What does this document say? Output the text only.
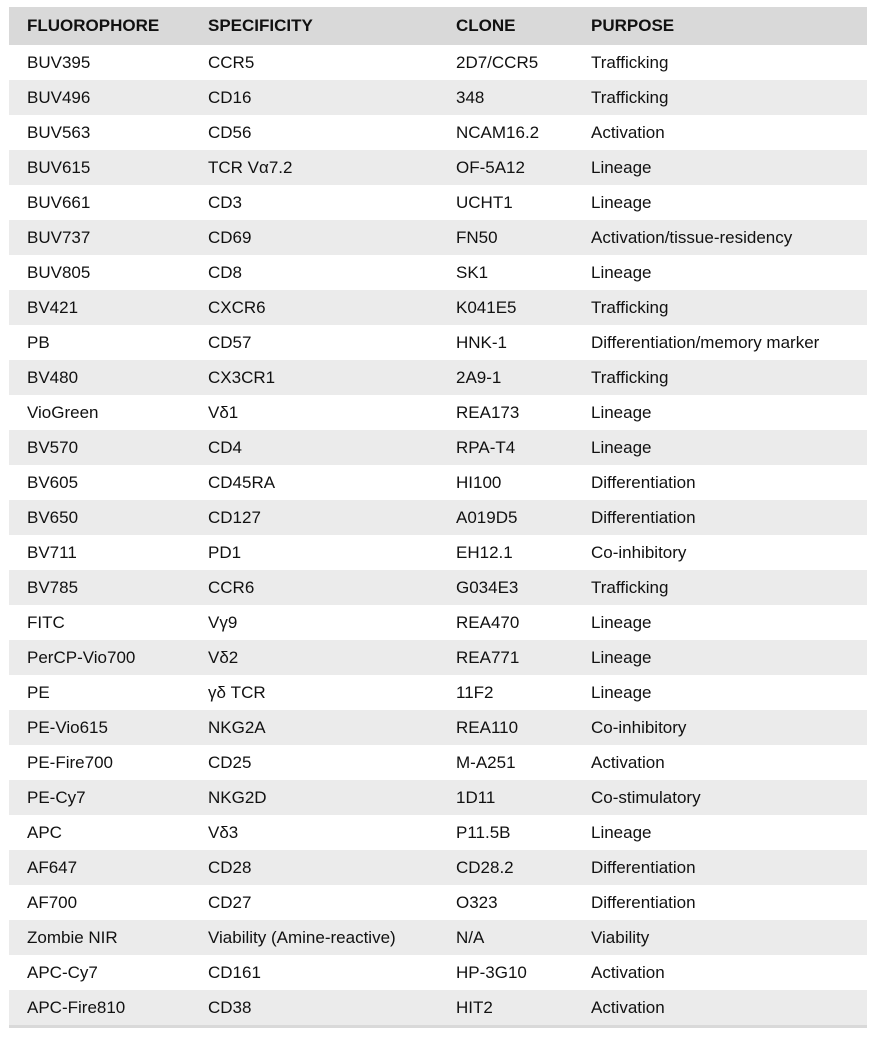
FLUOROPHORE	SPECIFICITY	CLONE	PURPOSE
BUV395	CCR5	2D7/CCR5	Trafficking
BUV496	CD16	348	Trafficking
BUV563	CD56	NCAM16.2	Activation
BUV615	TCR Vα7.2	OF-5A12	Lineage
BUV661	CD3	UCHT1	Lineage
BUV737	CD69	FN50	Activation/tissue-residency
BUV805	CD8	SK1	Lineage
BV421	CXCR6	K041E5	Trafficking
PB	CD57	HNK-1	Differentiation/memory marker
BV480	CX3CR1	2A9-1	Trafficking
VioGreen	Vδ1	REA173	Lineage
BV570	CD4	RPA-T4	Lineage
BV605	CD45RA	HI100	Differentiation
BV650	CD127	A019D5	Differentiation
BV711	PD1	EH12.1	Co-inhibitory
BV785	CCR6	G034E3	Trafficking
FITC	Vγ9	REA470	Lineage
PerCP-Vio700	Vδ2	REA771	Lineage
PE	γδ TCR	11F2	Lineage
PE-Vio615	NKG2A	REA110	Co-inhibitory
PE-Fire700	CD25	M-A251	Activation
PE-Cy7	NKG2D	1D11	Co-stimulatory
APC	Vδ3	P11.5B	Lineage
AF647	CD28	CD28.2	Differentiation
AF700	CD27	O323	Differentiation
Zombie NIR	Viability (Amine-reactive)	N/A	Viability
APC-Cy7	CD161	HP-3G10	Activation
APC-Fire810	CD38	HIT2	Activation
